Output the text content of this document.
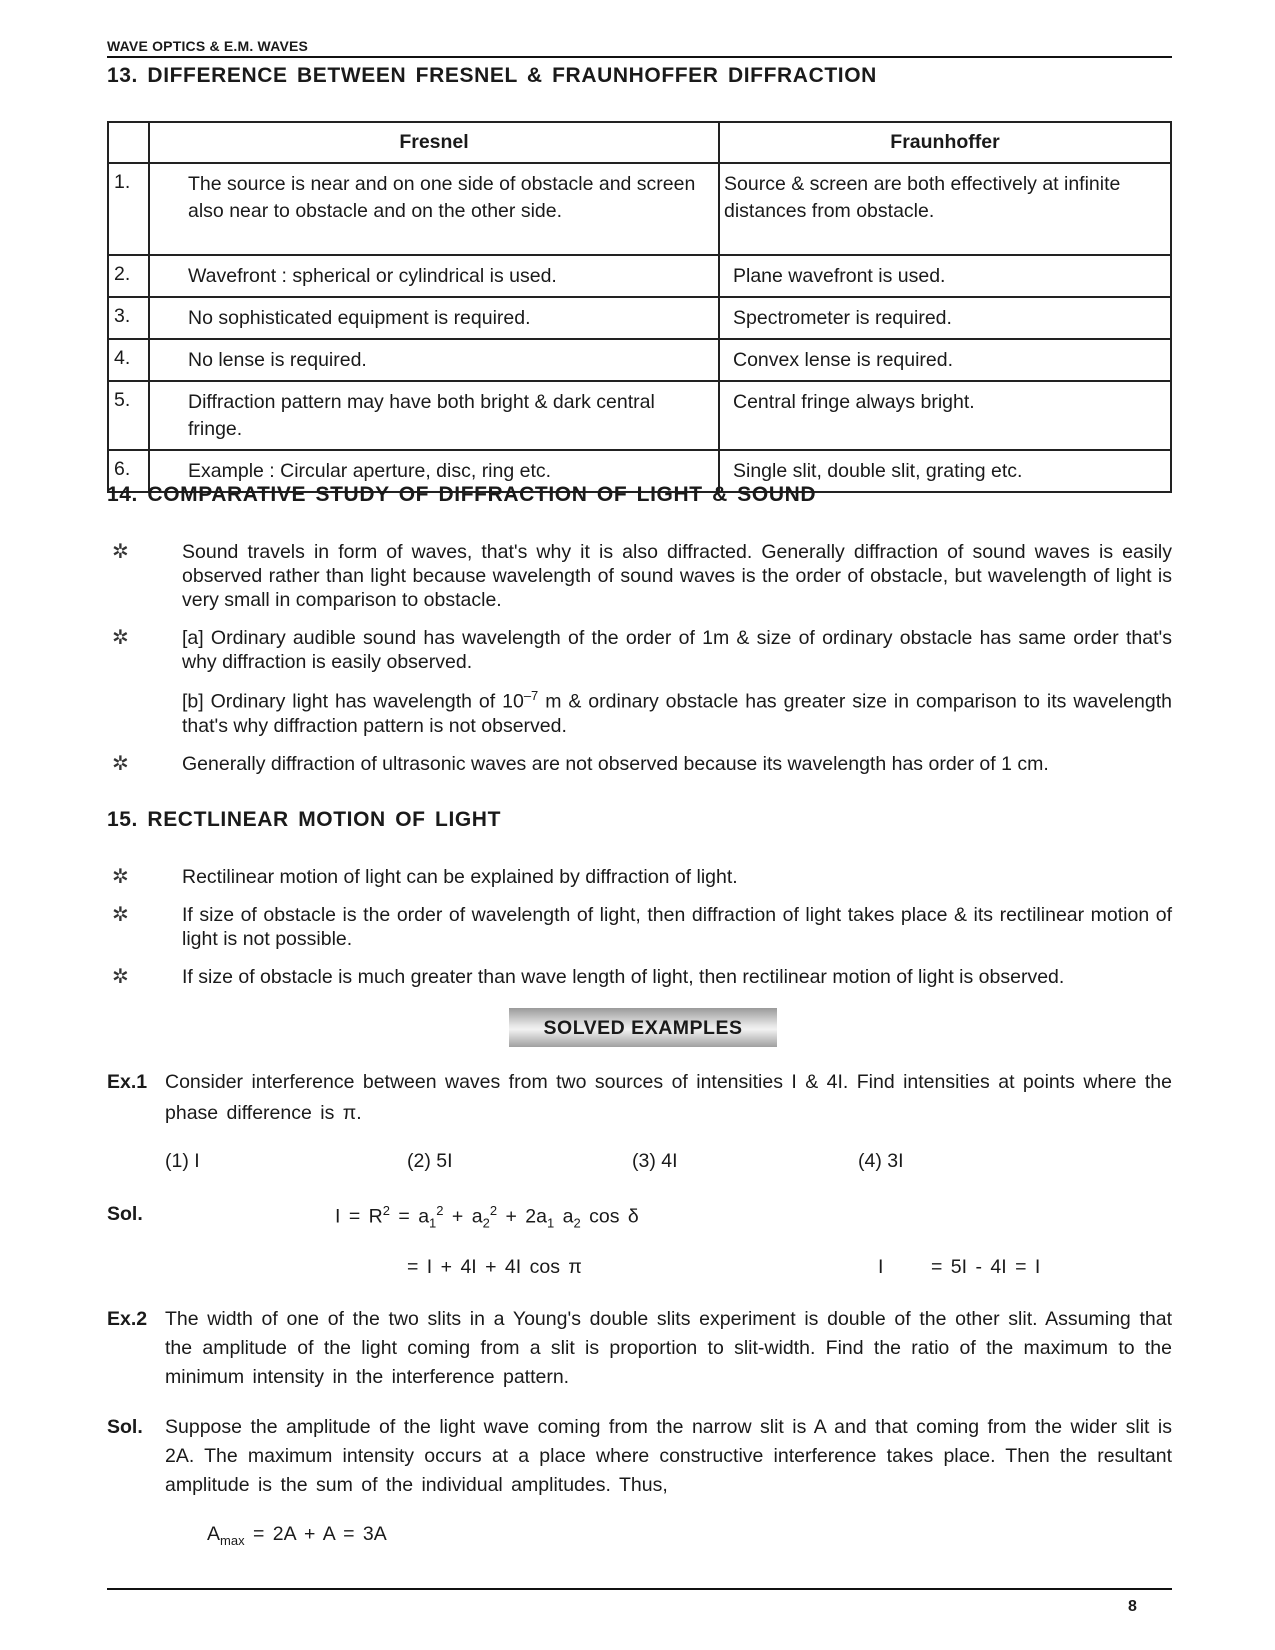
WAVE OPTICS & E.M. WAVES
13. DIFFERENCE BETWEEN FRESNEL & FRAUNHOFFER DIFFRACTION
	Fresnel	Fraunhoffer
1.	The source is near and on one side of obstacle and screen also near to obstacle and on the other side.	Source & screen are both effectively at infinite distances from obstacle.
2.	Wavefront : spherical or cylindrical is used.	Plane wavefront is used.
3.	No sophisticated equipment is required.	Spectrometer is required.
4.	No lense is required.	Convex lense is required.
5.	Diffraction pattern may have both bright & dark central fringe.	Central fringe always bright.
6.	Example : Circular aperture, disc, ring etc.	Single slit, double slit, grating etc.
14. COMPARATIVE STUDY OF DIFFRACTION OF LIGHT & SOUND
✲	Sound travels in form of waves, that's why it is also diffracted. Generally diffraction of sound waves is easily observed rather than light because wavelength of sound waves is the order of obstacle, but wavelength of light is very small in comparison to obstacle.
✲	[a] Ordinary audible sound has wavelength of the order of 1m & size of ordinary obstacle has same order that's why diffraction is easily observed.
[b] Ordinary light has wavelength of $10^{-7}$ m & ordinary obstacle has greater size in comparison to its wavelength that's why diffraction pattern is not observed.
✲	Generally diffraction of ultrasonic waves are not observed because its wavelength has order of 1 cm.
15. RECTLINEAR MOTION OF LIGHT
✲	Rectilinear motion of light can be explained by diffraction of light.
✲	If size of obstacle is the order of wavelength of light, then diffraction of light takes place & its rectilinear motion of light is not possible.
✲	If size of obstacle is much greater than wave length of light, then rectilinear motion of light is observed.
SOLVED EXAMPLES
Ex.1 Consider interference between waves from two sources of intensities I & 4I. Find intensities at points where the phase difference is π.
(1) I	(2) 5I	(3) 4I	(4) 3I
Sol.	$I = R^2 = a_1^2 + a_2^2 + 2a_1$ $a_2$ cos δ
= I + 4I + 4I cos π	I = 5I - 4I = I
Ex.2 The width of one of the two slits in a Young's double slits experiment is double of the other slit. Assuming that the amplitude of the light coming from a slit is proportion to slit-width. Find the ratio of the maximum to the minimum intensity in the interference pattern.
Sol. Suppose the amplitude of the light wave coming from the narrow slit is A and that coming from the wider slit is 2A. The maximum intensity occurs at a place where constructive interference takes place. Then the resultant amplitude is the sum of the individual amplitudes. Thus,
$A_{max} = 2A + A = 3A$
8
